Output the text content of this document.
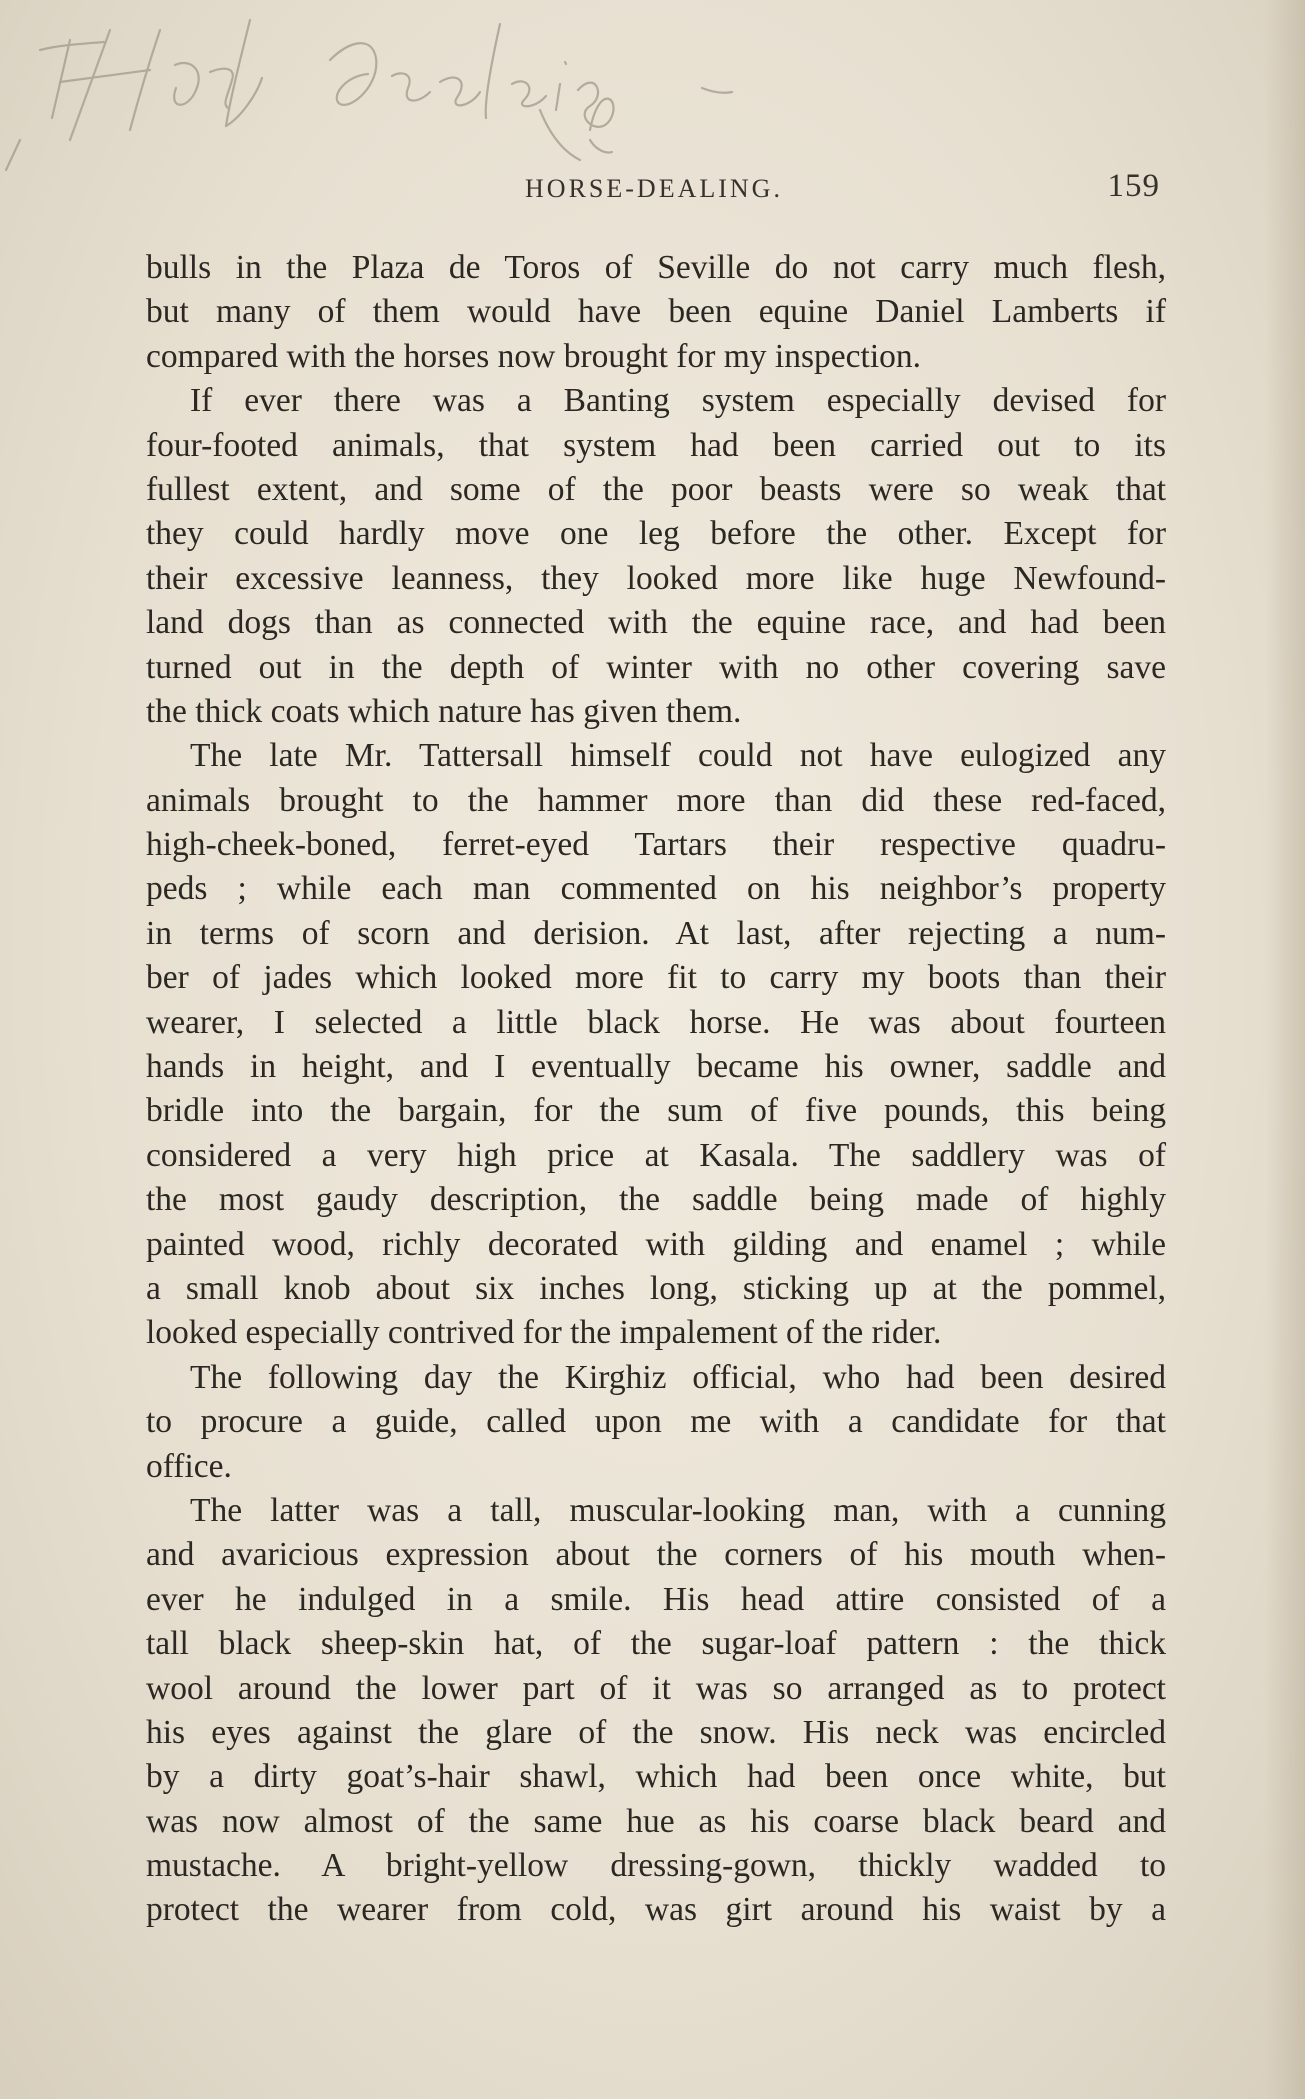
HORSE-DEALING.	159
bulls in the Plaza de Toros of Seville do not carry much flesh,
but many of them would have been equine Daniel Lamberts if
compared with the horses now brought for my inspection.
If ever there was a Banting system especially devised for
four-footed animals, that system had been carried out to its
fullest extent, and some of the poor beasts were so weak that
they could hardly move one leg before the other. Except for
their excessive leanness, they looked more like huge Newfound-
land dogs than as connected with the equine race, and had been
turned out in the depth of winter with no other covering save
the thick coats which nature has given them.
The late Mr. Tattersall himself could not have eulogized any
animals brought to the hammer more than did these red-faced,
high-cheek-boned, ferret-eyed Tartars their respective quadru-
peds ; while each man commented on his neighbor’s property
in terms of scorn and derision. At last, after rejecting a num-
ber of jades which looked more fit to carry my boots than their
wearer, I selected a little black horse. He was about fourteen
hands in height, and I eventually became his owner, saddle and
bridle into the bargain, for the sum of five pounds, this being
considered a very high price at Kasala. The saddlery was of
the most gaudy description, the saddle being made of highly
painted wood, richly decorated with gilding and enamel ; while
a small knob about six inches long, sticking up at the pommel,
looked especially contrived for the impalement of the rider.
The following day the Kirghiz official, who had been desired
to procure a guide, called upon me with a candidate for that
office.
The latter was a tall, muscular-looking man, with a cunning
and avaricious expression about the corners of his mouth when-
ever he indulged in a smile. His head attire consisted of a
tall black sheep-skin hat, of the sugar-loaf pattern : the thick
wool around the lower part of it was so arranged as to protect
his eyes against the glare of the snow. His neck was encircled
by a dirty goat’s-hair shawl, which had been once white, but
was now almost of the same hue as his coarse black beard and
mustache. A bright-yellow dressing-gown, thickly wadded to
protect the wearer from cold, was girt around his waist by a
